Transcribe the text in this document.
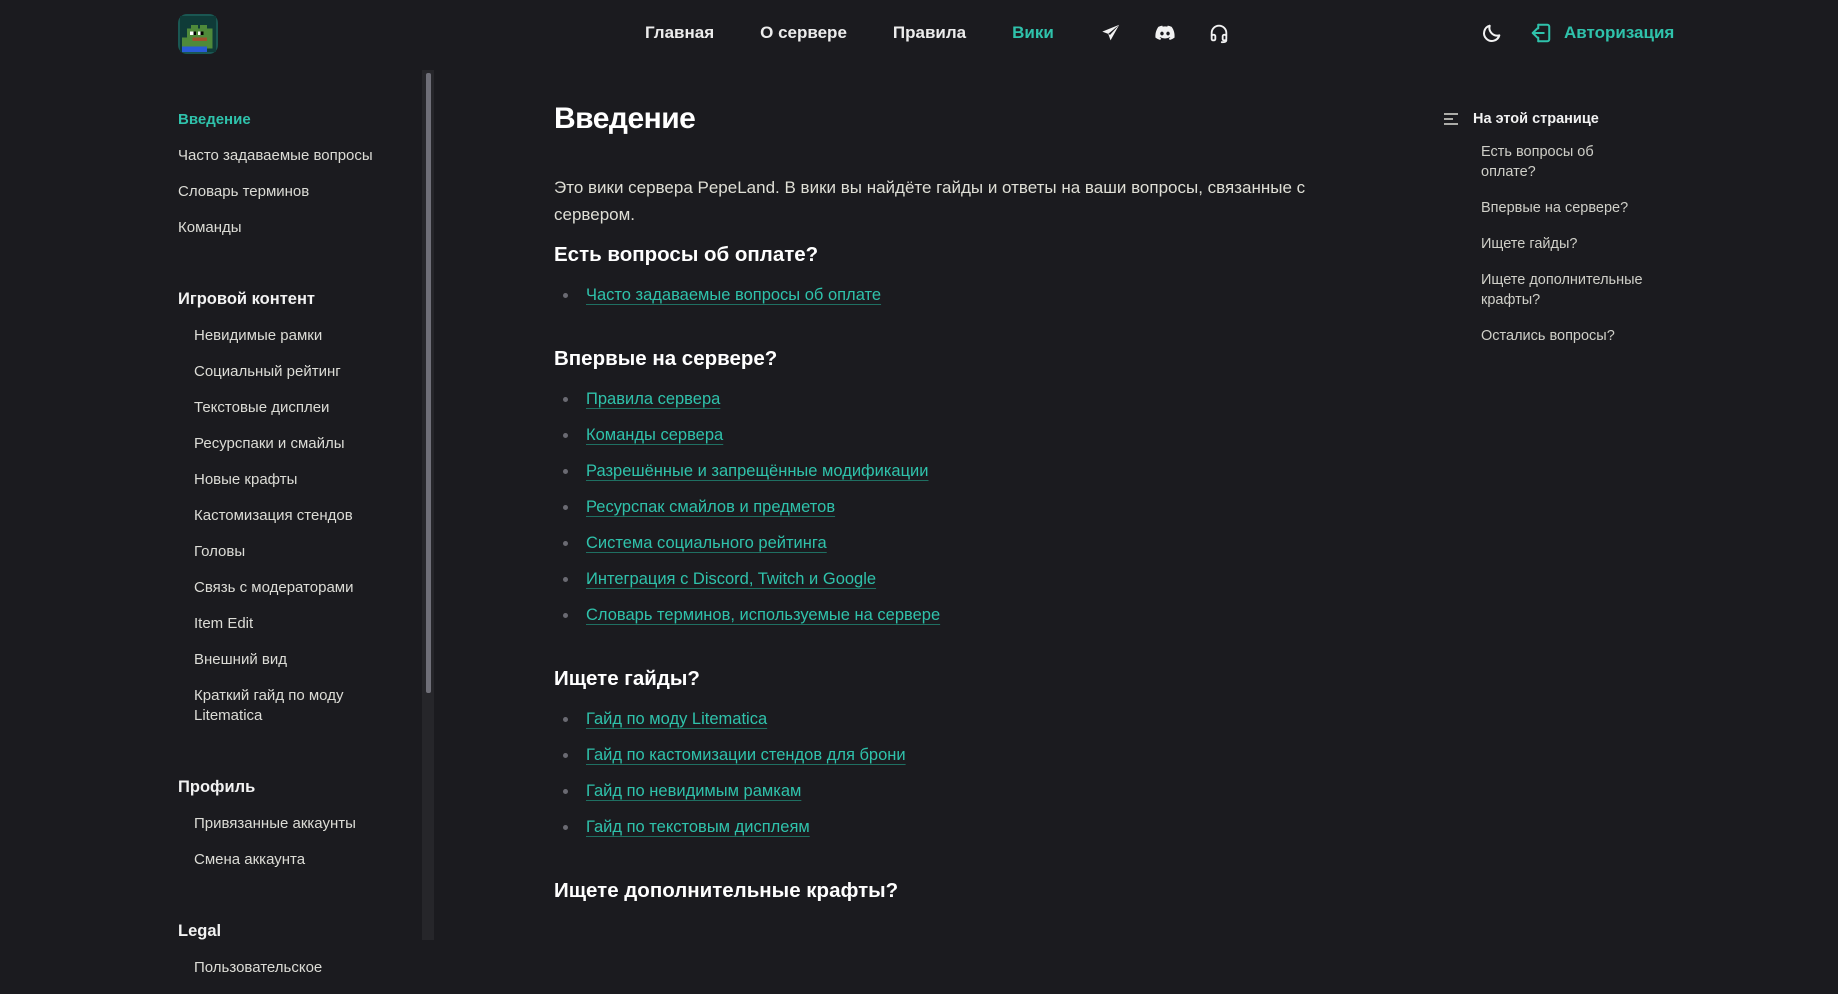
Главная	О сервере	Правила	Вики	Авторизация
Введение
Часто задаваемые вопросы
Словарь терминов
Команды
Игровой контент
Невидимые рамки
Социальный рейтинг
Текстовые дисплеи
Ресурспаки и смайлы
Новые крафты
Кастомизация стендов
Головы
Связь с модераторами
Item Edit
Внешний вид
Краткий гайд по моду Litematica
Профиль
Привязанные аккаунты
Смена аккаунта
Legal
Пользовательское
Введение

Это вики сервера PepeLand. В вики вы найдёте гайды и ответы на ваши вопросы, связанные с сервером.

Есть вопросы об оплате?
Часто задаваемые вопросы об оплате
Впервые на сервере?
Правила сервера
Команды сервера
Разрешённые и запрещённые модификации
Ресурспак смайлов и предметов
Система социального рейтинга
Интеграция с Discord, Twitch и Google
Словарь терминов, используемые на сервере
Ищете гайды?
Гайд по моду Litematica
Гайд по кастомизации стендов для брони
Гайд по невидимым рамкам
Гайд по текстовым дисплеям
Ищете дополнительные крафты?
На этой странице
Есть вопросы об оплате?
Впервые на сервере?
Ищете гайды?
Ищете дополнительные крафты?
Остались вопросы?
